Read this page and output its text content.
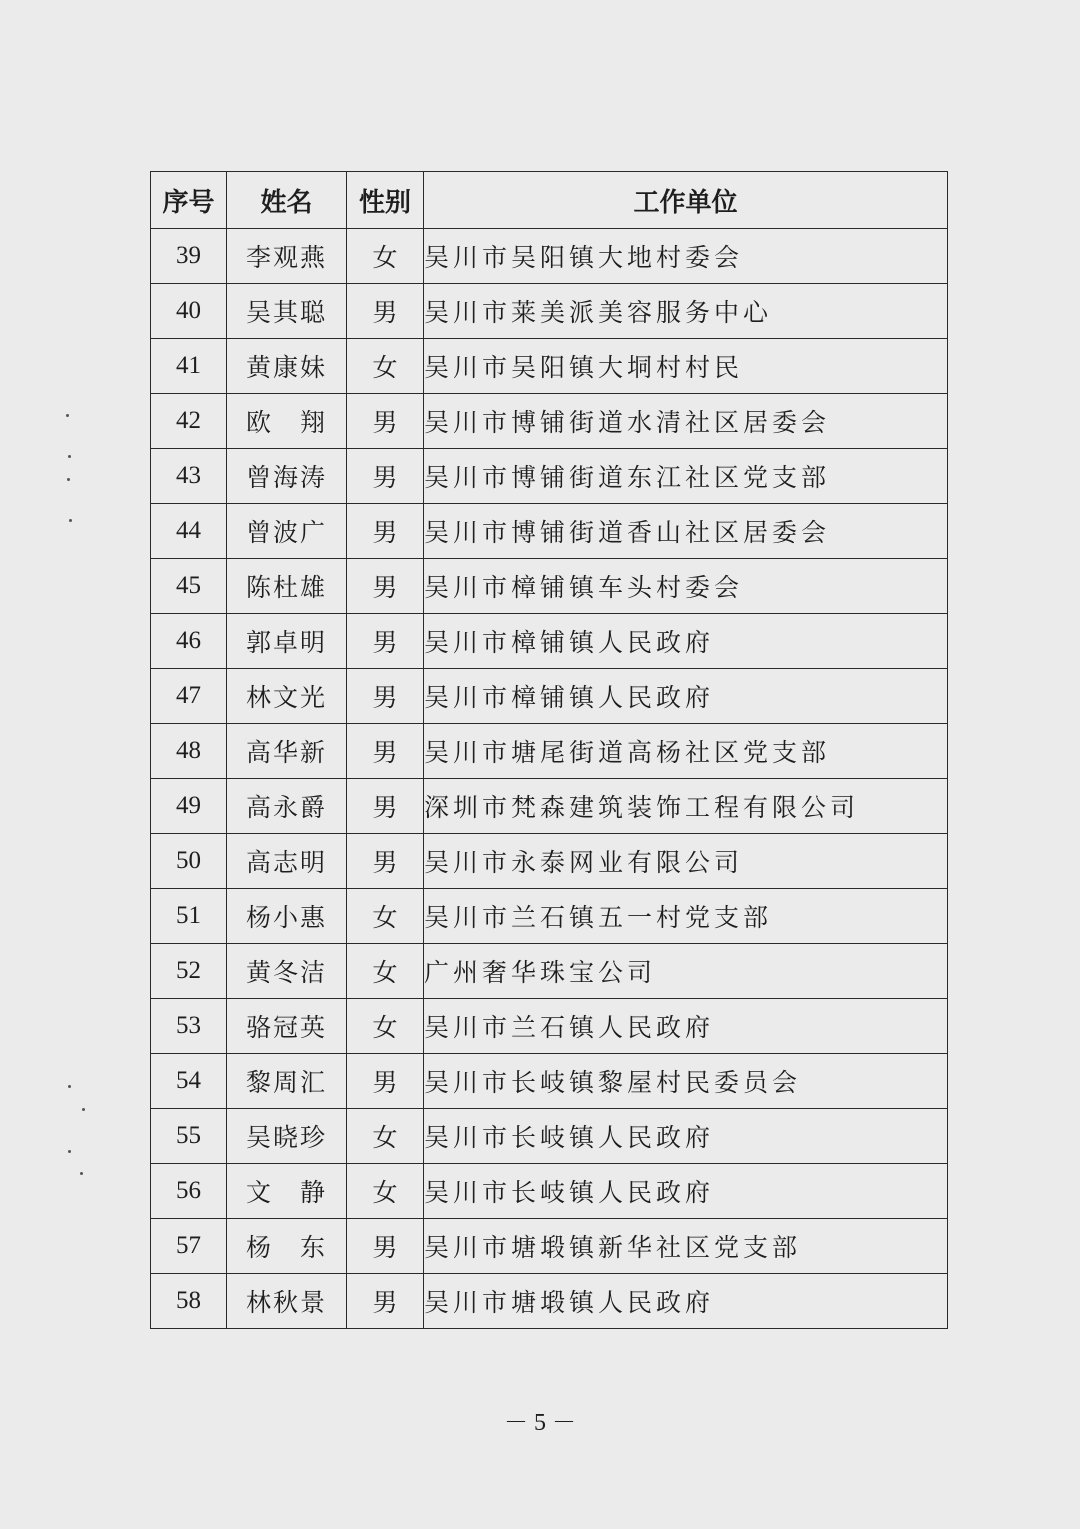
序号	姓名	性别	工作单位
39	李观燕	女	吴川市吴阳镇大地村委会
40	吴其聪	男	吴川市莱美派美容服务中心
41	黄康妹	女	吴川市吴阳镇大垌村村民
42	欧　翔	男	吴川市博铺街道水清社区居委会
43	曾海涛	男	吴川市博铺街道东江社区党支部
44	曾波广	男	吴川市博铺街道香山社区居委会
45	陈杜雄	男	吴川市樟铺镇车头村委会
46	郭卓明	男	吴川市樟铺镇人民政府
47	林文光	男	吴川市樟铺镇人民政府
48	高华新	男	吴川市塘尾街道高杨社区党支部
49	高永爵	男	深圳市梵森建筑装饰工程有限公司
50	高志明	男	吴川市永泰网业有限公司
51	杨小惠	女	吴川市兰石镇五一村党支部
52	黄冬洁	女	广州奢华珠宝公司
53	骆冠英	女	吴川市兰石镇人民政府
54	黎周汇	男	吴川市长岐镇黎屋村民委员会
55	吴晓珍	女	吴川市长岐镇人民政府
56	文　静	女	吴川市长岐镇人民政府
57	杨　东	男	吴川市塘塅镇新华社区党支部
58	林秋景	男	吴川市塘塅镇人民政府
－ 5 －
